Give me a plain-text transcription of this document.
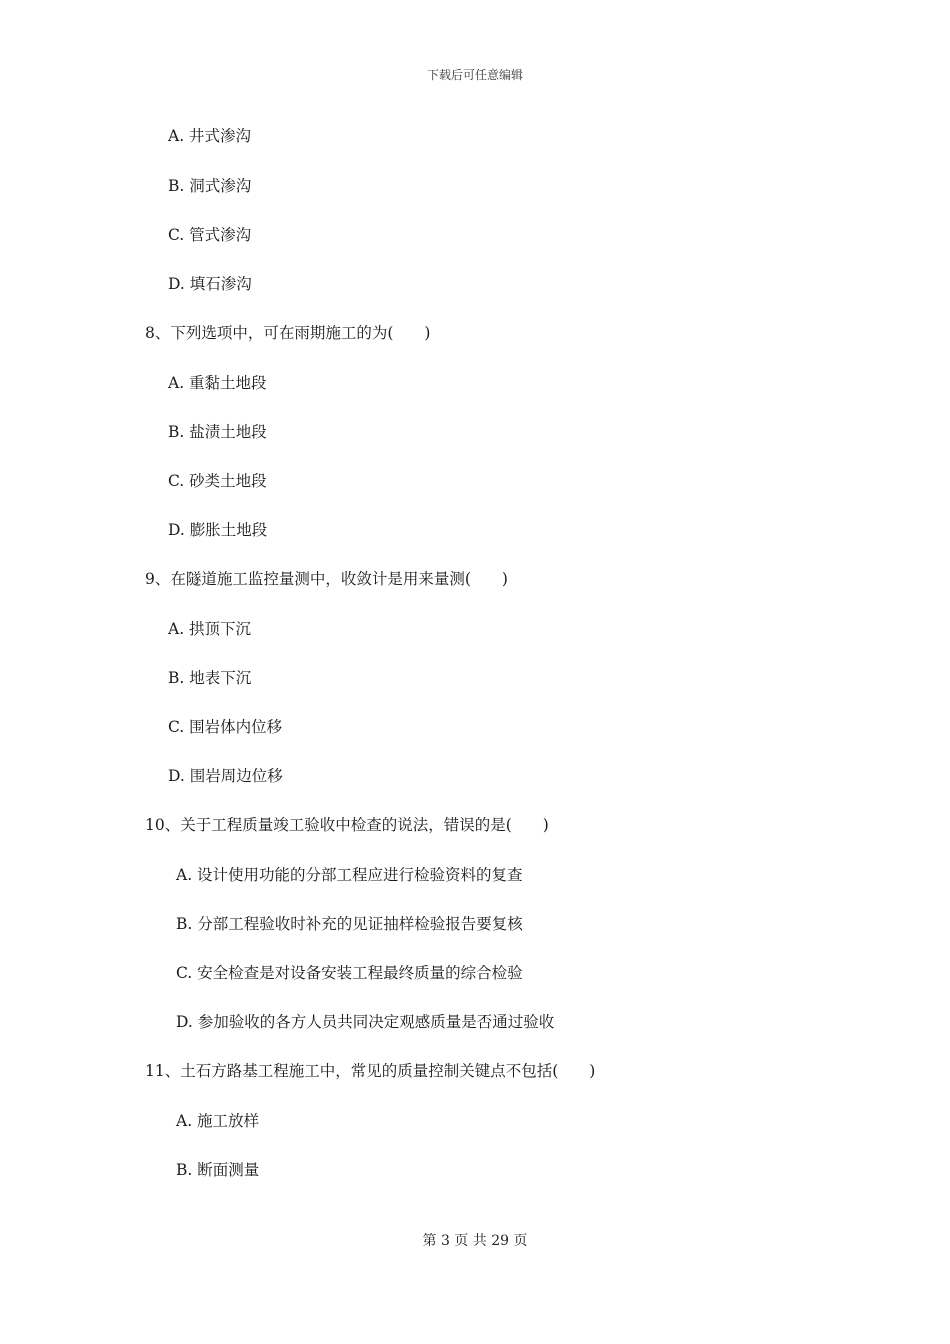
下载后可任意编辑
A. 井式渗沟
B. 洞式渗沟
C. 管式渗沟
D. 填石渗沟
8、下列选项中，可在雨期施工的为(　　)
A. 重黏土地段
B. 盐渍土地段
C. 砂类土地段
D. 膨胀土地段
9、在隧道施工监控量测中，收敛计是用来量测(　　)
A. 拱顶下沉
B. 地表下沉
C. 围岩体内位移
D. 围岩周边位移
10、关于工程质量竣工验收中检查的说法，错误的是(　　)
A. 设计使用功能的分部工程应进行检验资料的复查
B. 分部工程验收时补充的见证抽样检验报告要复核
C. 安全检查是对设备安装工程最终质量的综合检验
D. 参加验收的各方人员共同决定观感质量是否通过验收
11、土石方路基工程施工中，常见的质量控制关键点不包括(　　)
A. 施工放样
B. 断面测量
第 3 页 共 29 页
